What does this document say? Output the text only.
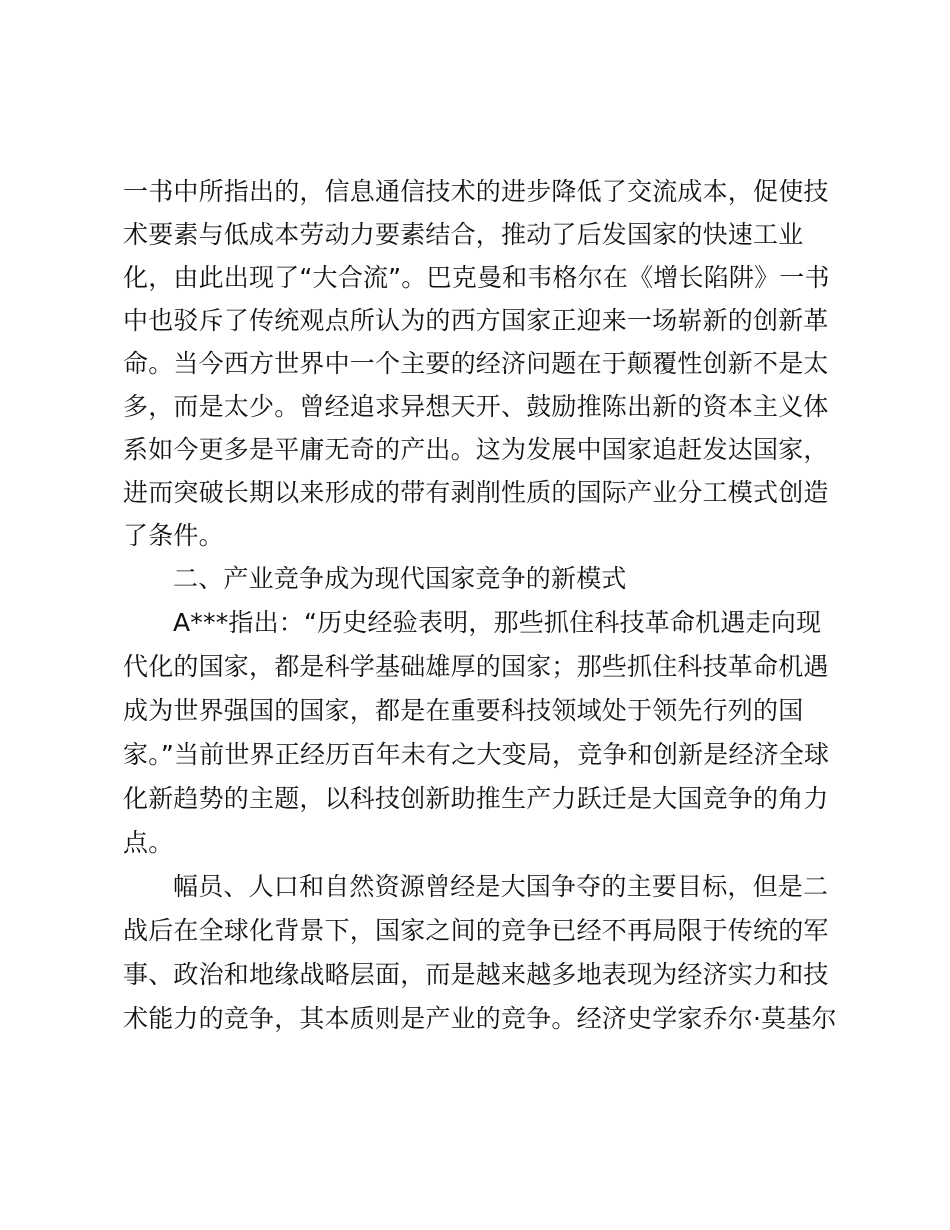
一书中所指出的，信息通信技术的进步降低了交流成本，促使技
术要素与低成本劳动力要素结合，推动了后发国家的快速工业
化，由此出现了“大合流”。巴克曼和韦格尔在《增长陷阱》一书
中也驳斥了传统观点所认为的西方国家正迎来一场崭新的创新革
命。当今西方世界中一个主要的经济问题在于颠覆性创新不是太
多，而是太少。曾经追求异想天开、鼓励推陈出新的资本主义体
系如今更多是平庸无奇的产出。这为发展中国家追赶发达国家，
进而突破长期以来形成的带有剥削性质的国际产业分工模式创造
了条件。
二、产业竞争成为现代国家竞争的新模式
A***指出：“历史经验表明，那些抓住科技革命机遇走向现
代化的国家，都是科学基础雄厚的国家；那些抓住科技革命机遇
成为世界强国的国家，都是在重要科技领域处于领先行列的国
家。”当前世界正经历百年未有之大变局，竞争和创新是经济全球
化新趋势的主题，以科技创新助推生产力跃迁是大国竞争的角力
点。
幅员、人口和自然资源曾经是大国争夺的主要目标，但是二
战后在全球化背景下，国家之间的竞争已经不再局限于传统的军
事、政治和地缘战略层面，而是越来越多地表现为经济实力和技
术能力的竞争，其本质则是产业的竞争。经济史学家乔尔·莫基尔
